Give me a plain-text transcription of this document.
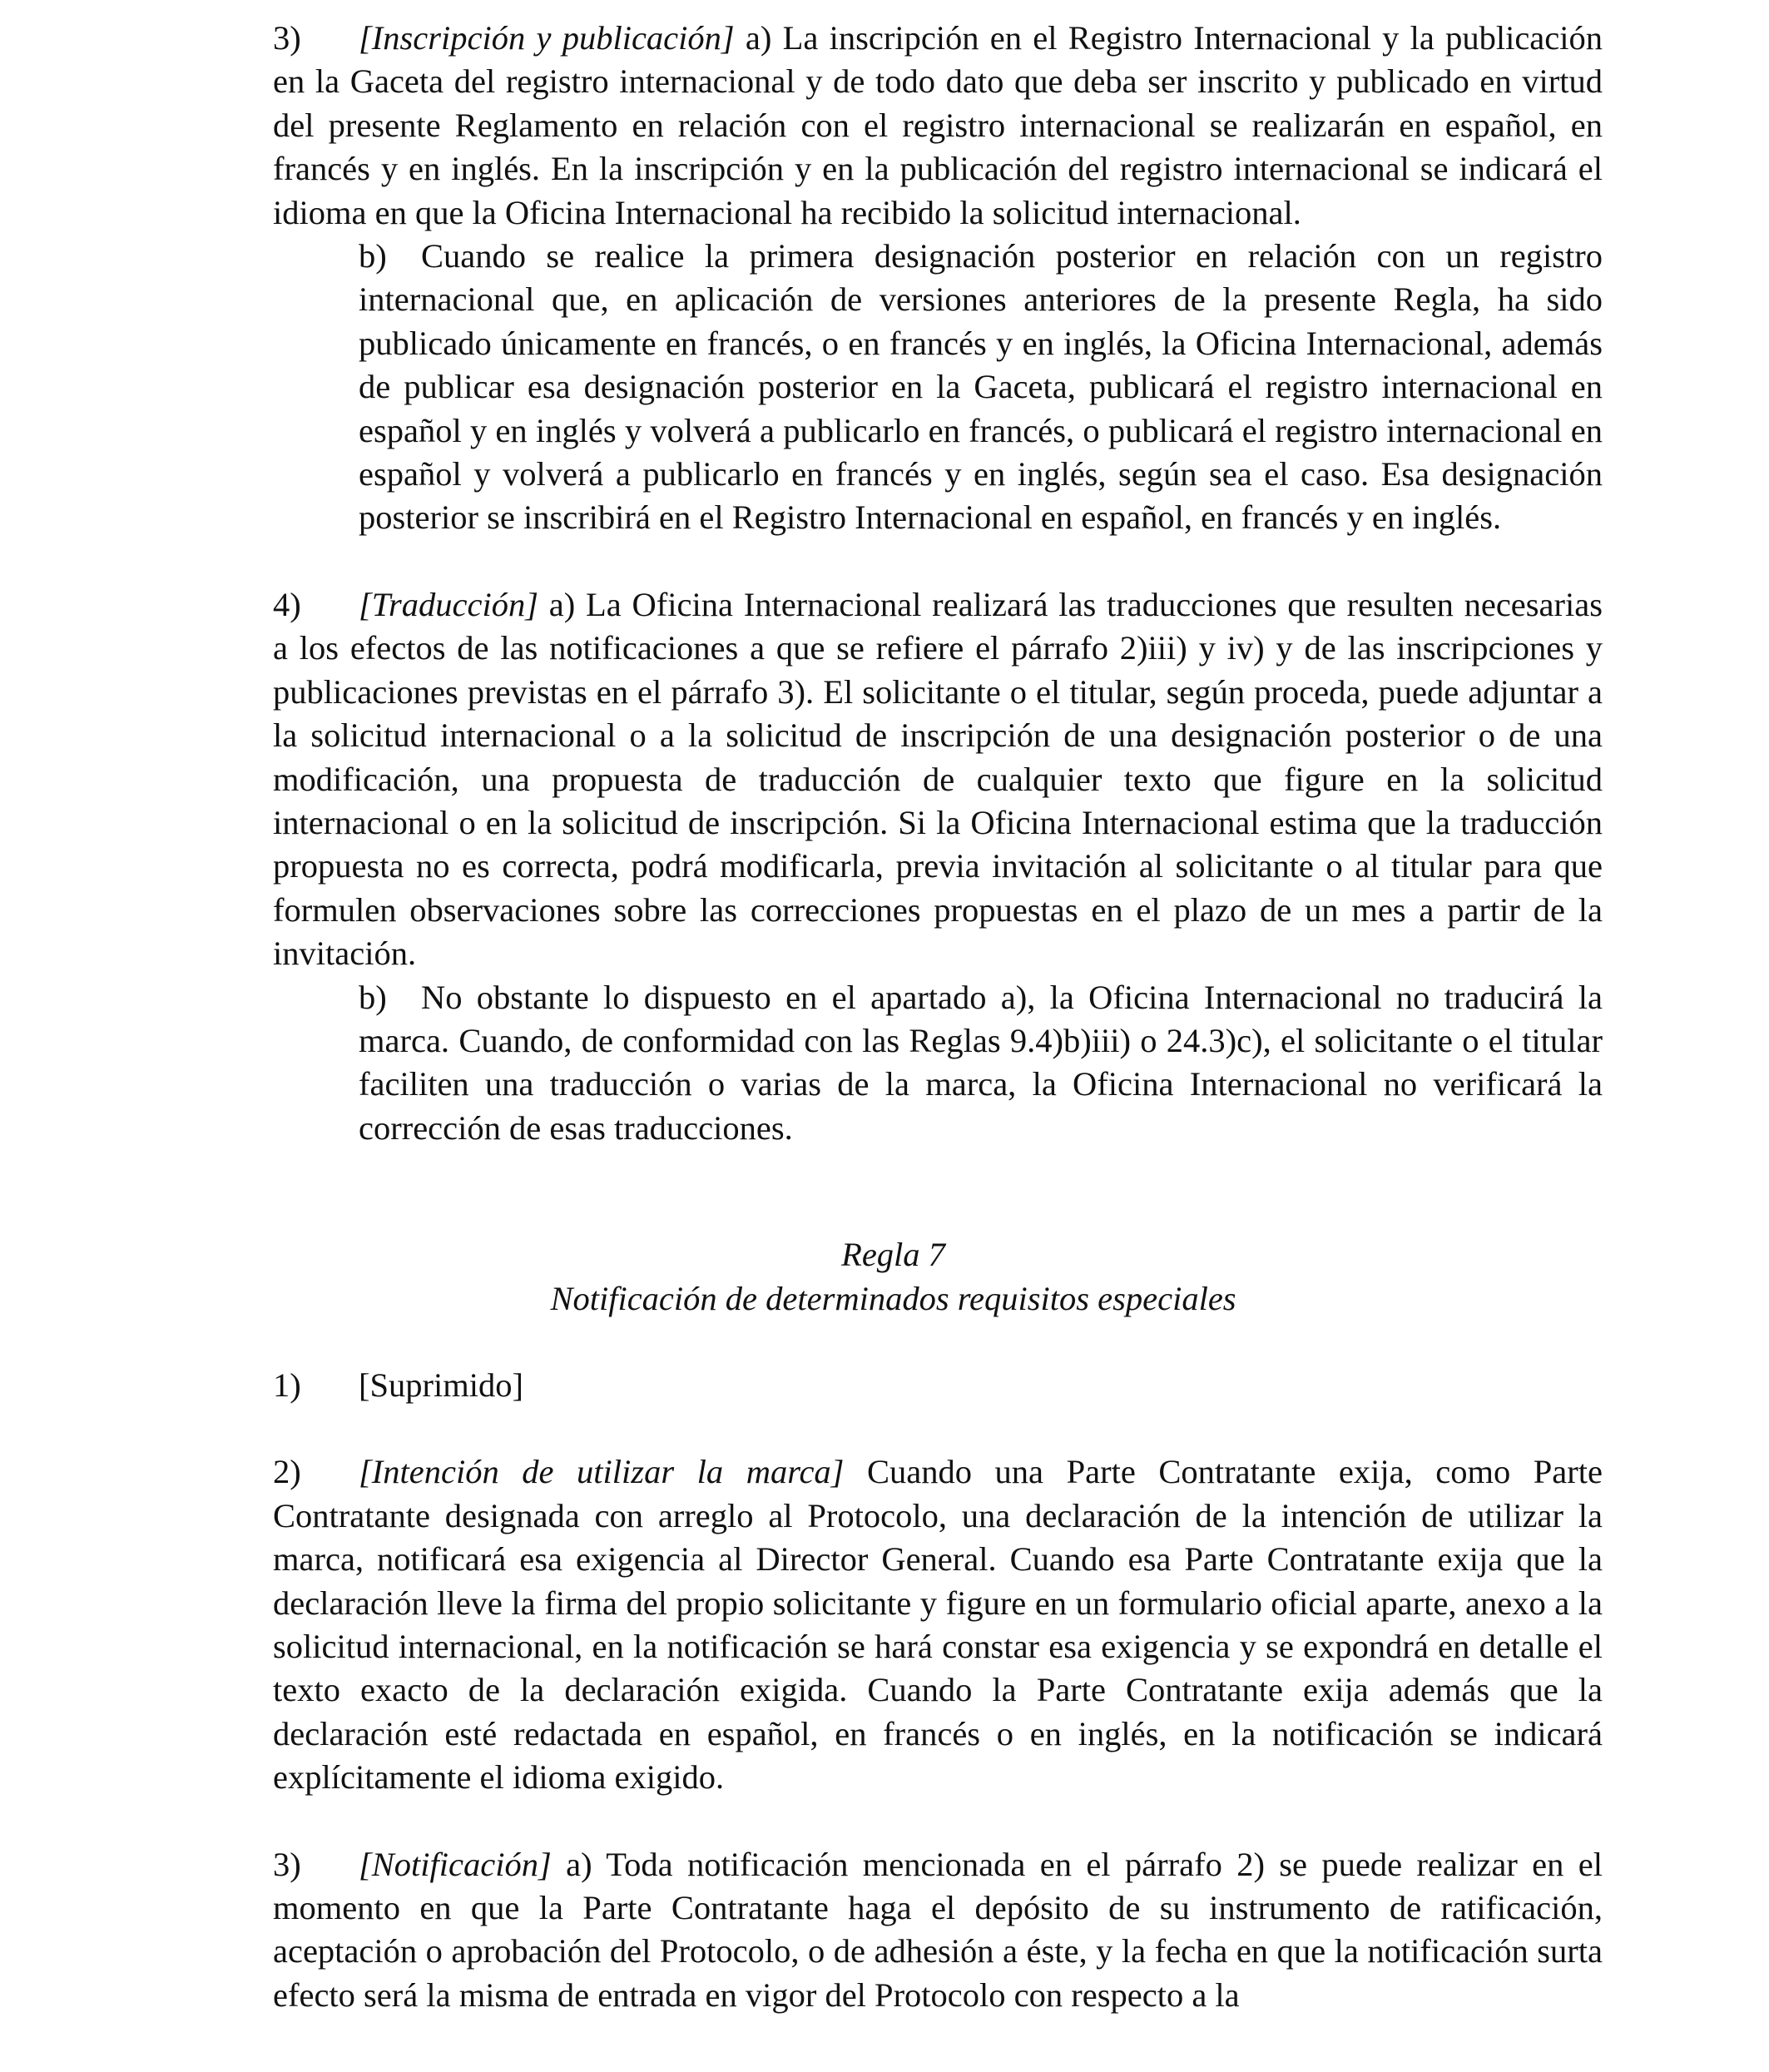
3) [Inscripción y publicación] a) La inscripción en el Registro Internacional y la publicación en la Gaceta del registro internacional y de todo dato que deba ser inscrito y publicado en virtud del presente Reglamento en relación con el registro internacional se realizarán en español, en francés y en inglés. En la inscripción y en la publicación del registro internacional se indicará el idioma en que la Oficina Internacional ha recibido la solicitud internacional.

b) Cuando se realice la primera designación posterior en relación con un registro internacional que, en aplicación de versiones anteriores de la presente Regla, ha sido publicado únicamente en francés, o en francés y en inglés, la Oficina Internacional, además de publicar esa designación posterior en la Gaceta, publicará el registro internacional en español y en inglés y volverá a publicarlo en francés, o publicará el registro internacional en español y volverá a publicarlo en francés y en inglés, según sea el caso. Esa designación posterior se inscribirá en el Registro Internacional en español, en francés y en inglés.

4) [Traducción] a) La Oficina Internacional realizará las traducciones que resulten necesarias a los efectos de las notificaciones a que se refiere el párrafo 2)iii) y iv) y de las inscripciones y publicaciones previstas en el párrafo 3). El solicitante o el titular, según proceda, puede adjuntar a la solicitud internacional o a la solicitud de inscripción de una designación posterior o de una modificación, una propuesta de traducción de cualquier texto que figure en la solicitud internacional o en la solicitud de inscripción. Si la Oficina Internacional estima que la traducción propuesta no es correcta, podrá modificarla, previa invitación al solicitante o al titular para que formulen observaciones sobre las correcciones propuestas en el plazo de un mes a partir de la invitación.

b) No obstante lo dispuesto en el apartado a), la Oficina Internacional no traducirá la marca. Cuando, de conformidad con las Reglas 9.4)b)iii) o 24.3)c), el solicitante o el titular faciliten una traducción o varias de la marca, la Oficina Internacional no verificará la corrección de esas traducciones.

Regla 7

Notificación de determinados requisitos especiales

1) [Suprimido]

2) [Intención de utilizar la marca] Cuando una Parte Contratante exija, como Parte Contratante designada con arreglo al Protocolo, una declaración de la intención de utilizar la marca, notificará esa exigencia al Director General. Cuando esa Parte Contratante exija que la declaración lleve la firma del propio solicitante y figure en un formulario oficial aparte, anexo a la solicitud internacional, en la notificación se hará constar esa exigencia y se expondrá en detalle el texto exacto de la declaración exigida. Cuando la Parte Contratante exija además que la declaración esté redactada en español, en francés o en inglés, en la notificación se indicará explícitamente el idioma exigido.

3) [Notificación] a) Toda notificación mencionada en el párrafo 2) se puede realizar en el momento en que la Parte Contratante haga el depósito de su instrumento de ratificación, aceptación o aprobación del Protocolo, o de adhesión a éste, y la fecha en que la notificación surta efecto será la misma de entrada en vigor del Protocolo con respecto a la
